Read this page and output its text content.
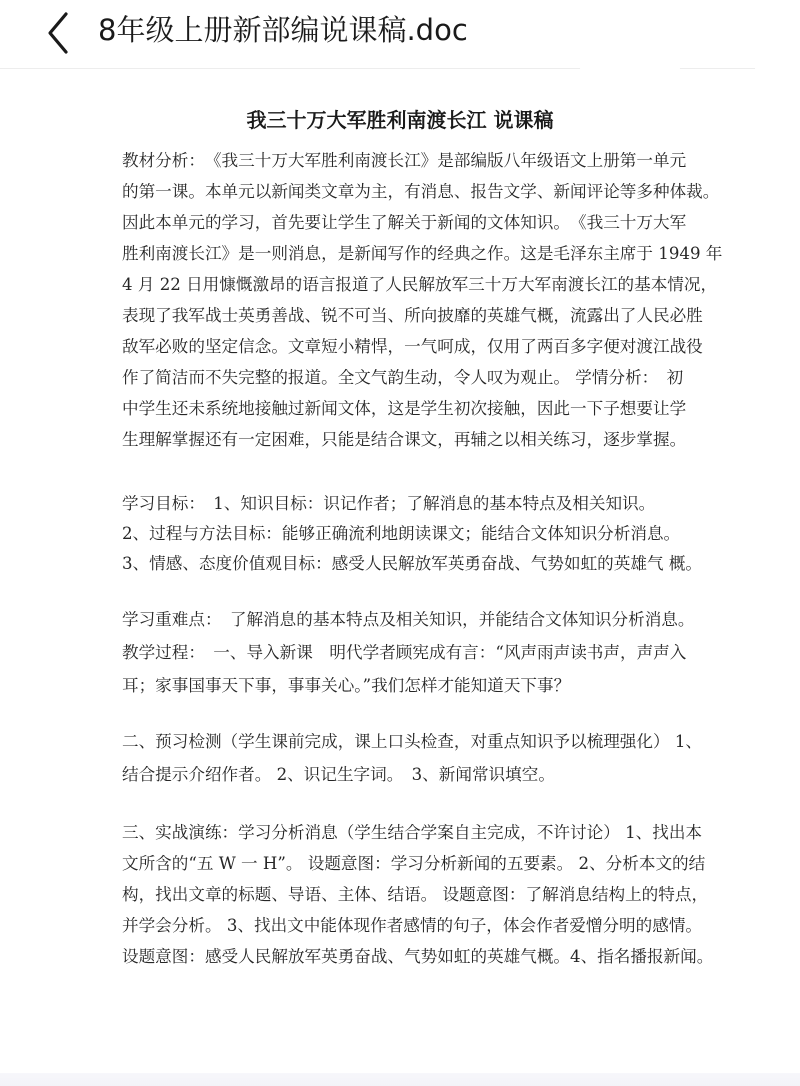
8年级上册新部编说课稿.doc
我三十万大军胜利南渡长江 说课稿
教材分析：　《我三十万大军胜利南渡长江》是部编版八年级语文上册第一单元
的第一课。本单元以新闻类文章为主，有消息、报告文学、新闻评论等多种体裁。
因此本单元的学习，首先要让学生了解关于新闻的文体知识。　《我三十万大军
胜利南渡长江》是一则消息，是新闻写作的经典之作。这是毛泽东主席于 1949 年
4 月 22 日用慷慨激昂的语言报道了人民解放军三十万大军南渡长江的基本情况，
表现了我军战士英勇善战、锐不可当、所向披靡的英雄气概，流露出了人民必胜
敌军必败的坚定信念。文章短小精悍，一气呵成，仅用了两百多字便对渡江战役
作了简洁而不失完整的报道。全文气韵生动，令人叹为观止。 学情分析：　初
中学生还未系统地接触过新闻文体，这是学生初次接触，因此一下子想要让学
生理解掌握还有一定困难，只能是结合课文，再辅之以相关练习，逐步掌握。
学习目标：　1、知识目标：识记作者；了解消息的基本特点及相关知识。
2、过程与方法目标：能够正确流利地朗读课文；能结合文体知识分析消息。
3、情感、态度价值观目标：感受人民解放军英勇奋战、气势如虹的英雄气 概。
学习重难点：　了解消息的基本特点及相关知识，并能结合文体知识分析消息。
教学过程：　一、导入新课　明代学者顾宪成有言：“风声雨声读书声，声声入
耳；家事国事天下事，事事关心。”我们怎样才能知道天下事？
二、预习检测（学生课前完成，课上口头检查，对重点知识予以梳理强化） 1、
结合提示介绍作者。 2、识记生字词。　3、新闻常识填空。
三、实战演练：学习分析消息（学生结合学案自主完成，不许讨论） 1、找出本
文所含的“五 W 一 H”。 设题意图：学习分析新闻的五要素。 2、分析本文的结
构，找出文章的标题、导语、主体、结语。 设题意图：了解消息结构上的特点，
并学会分析。 3、找出文中能体现作者感情的句子，体会作者爱憎分明的感情。
设题意图：感受人民解放军英勇奋战、气势如虹的英雄气概。4、指名播报新闻。
